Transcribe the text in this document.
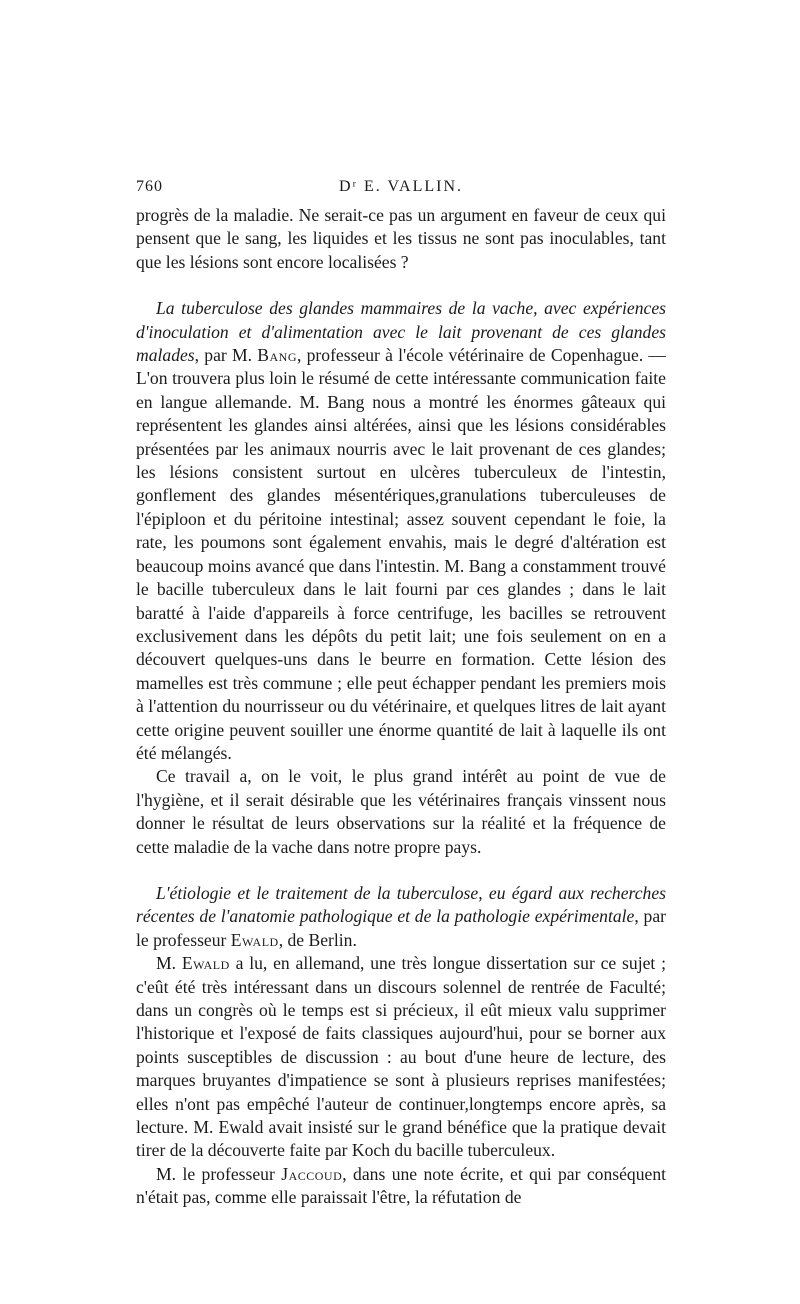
760	Dʳ E. VALLIN.

progrès de la maladie. Ne serait-ce pas un argument en faveur de ceux qui pensent que le sang, les liquides et les tissus ne sont pas inoculables, tant que les lésions sont encore localisées ?

La tuberculose des glandes mammaires de la vache, avec expériences d'inoculation et d'alimentation avec le lait provenant de ces glandes malades, par M. Bang, professeur à l'école vétérinaire de Copenhague. — L'on trouvera plus loin le résumé de cette intéressante communication faite en langue allemande. M. Bang nous a montré les énormes gâteaux qui représentent les glandes ainsi altérées, ainsi que les lésions considérables présentées par les animaux nourris avec le lait provenant de ces glandes; les lésions consistent surtout en ulcères tuberculeux de l'intestin, gonflement des glandes mésentériques,granulations tuberculeuses de l'épiploon et du péritoine intestinal; assez souvent cependant le foie, la rate, les poumons sont également envahis, mais le degré d'altération est beaucoup moins avancé que dans l'intestin. M. Bang a constamment trouvé le bacille tuberculeux dans le lait fourni par ces glandes ; dans le lait baratté à l'aide d'appareils à force centrifuge, les bacilles se retrouvent exclusivement dans les dépôts du petit lait; une fois seulement on en a découvert quelques-uns dans le beurre en formation. Cette lésion des mamelles est très commune ; elle peut échapper pendant les premiers mois à l'attention du nourrisseur ou du vétérinaire, et quelques litres de lait ayant cette origine peuvent souiller une énorme quantité de lait à laquelle ils ont été mélangés.

Ce travail a, on le voit, le plus grand intérêt au point de vue de l'hygiène, et il serait désirable que les vétérinaires français vinssent nous donner le résultat de leurs observations sur la réalité et la fréquence de cette maladie de la vache dans notre propre pays.

L'étiologie et le traitement de la tuberculose, eu égard aux recherches récentes de l'anatomie pathologique et de la pathologie expérimentale, par le professeur Ewald, de Berlin.

M. Ewald a lu, en allemand, une très longue dissertation sur ce sujet ; c'eût été très intéressant dans un discours solennel de rentrée de Faculté; dans un congrès où le temps est si précieux, il eût mieux valu supprimer l'historique et l'exposé de faits classiques aujourd'hui, pour se borner aux points susceptibles de discussion : au bout d'une heure de lecture, des marques bruyantes d'impatience se sont à plusieurs reprises manifestées; elles n'ont pas empêché l'auteur de continuer,longtemps encore après, sa lecture. M. Ewald avait insisté sur le grand bénéfice que la pratique devait tirer de la découverte faite par Koch du bacille tuberculeux.

M. le professeur Jaccoud, dans une note écrite, et qui par conséquent n'était pas, comme elle paraissait l'être, la réfutation de
